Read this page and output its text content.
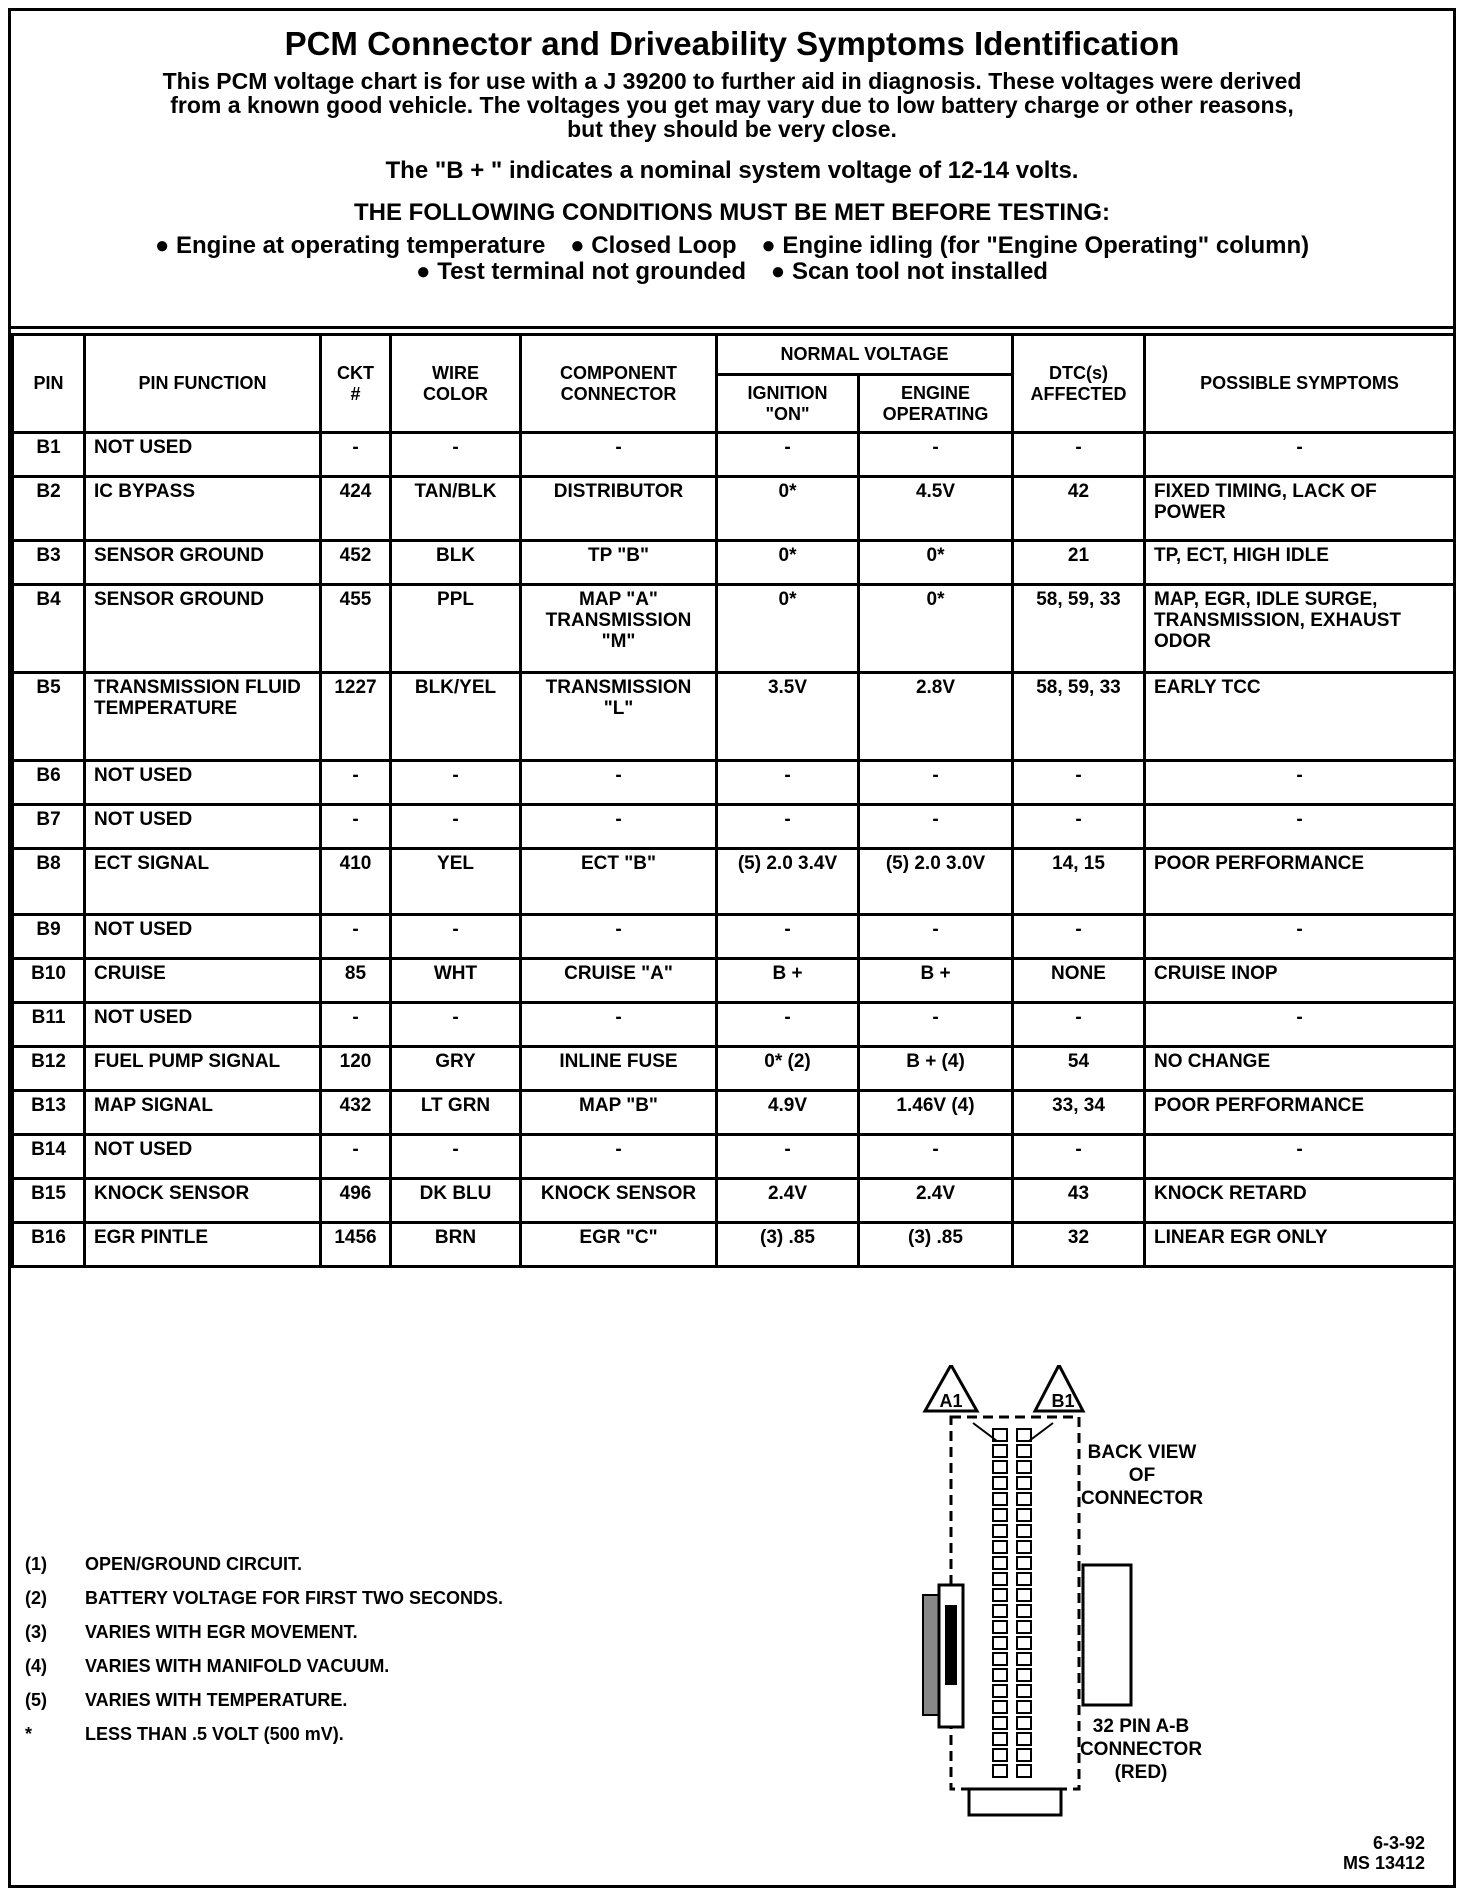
PCM Connector and Driveability Symptoms Identification
This PCM voltage chart is for use with a J 39200 to further aid in diagnosis. These voltages were derived
from a known good vehicle. The voltages you get may vary due to low battery charge or other reasons,
but they should be very close.
The "B + " indicates a nominal system voltage of 12-14 volts.
THE FOLLOWING CONDITIONS MUST BE MET BEFORE TESTING:
● Engine at operating temperature ● Closed Loop ● Engine idling (for "Engine Operating" column)
● Test terminal not grounded ● Scan tool not installed
PIN	PIN FUNCTION	CKT #	WIRE COLOR	COMPONENT CONNECTOR	NORMAL VOLTAGE		DTC(s) AFFECTED	POSSIBLE SYMPTOMS
					IGNITION "ON"	ENGINE OPERATING		
B1	NOT USED	-	-	-	-	-	-	-
B2	IC BYPASS	424	TAN/BLK	DISTRIBUTOR	0*	4.5V	42	FIXED TIMING, LACK OF POWER
B3	SENSOR GROUND	452	BLK	TP "B"	0*	0*	21	TP, ECT, HIGH IDLE
B4	SENSOR GROUND	455	PPL	MAP "A" TRANSMISSION "M"	0*	0*	58, 59, 33	MAP, EGR, IDLE SURGE, TRANSMISSION, EXHAUST ODOR
B5	TRANSMISSION FLUID TEMPERATURE	1227	BLK/YEL	TRANSMISSION "L"	3.5V	2.8V	58, 59, 33	EARLY TCC
B6	NOT USED	-	-	-	-	-	-	-
B7	NOT USED	-	-	-	-	-	-	-
B8	ECT SIGNAL	410	YEL	ECT "B"	(5) 2.0 3.4V	(5) 2.0 3.0V	14, 15	POOR PERFORMANCE
B9	NOT USED	-	-	-	-	-	-	-
B10	CRUISE	85	WHT	CRUISE "A"	B +	B +	NONE	CRUISE INOP
B11	NOT USED	-	-	-	-	-	-	-
B12	FUEL PUMP SIGNAL	120	GRY	INLINE FUSE	0* (2)	B + (4)	54	NO CHANGE
B13	MAP SIGNAL	432	LT GRN	MAP "B"	4.9V	1.46V (4)	33, 34	POOR PERFORMANCE
B14	NOT USED	-	-	-	-	-	-	-
B15	KNOCK SENSOR	496	DK BLU	KNOCK SENSOR	2.4V	2.4V	43	KNOCK RETARD
B16	EGR PINTLE	1456	BRN	EGR "C"	(3) .85	(3) .85	32	LINEAR EGR ONLY
(1) OPEN/GROUND CIRCUIT.
(2) BATTERY VOLTAGE FOR FIRST TWO SECONDS.
(3) VARIES WITH EGR MOVEMENT.
(4) VARIES WITH MANIFOLD VACUUM.
(5) VARIES WITH TEMPERATURE.
*	LESS THAN .5 VOLT (500 mV).
A1	B1
BACK VIEW OF CONNECTOR
32 PIN A-B CONNECTOR (RED)
6-3-92
MS 13412
